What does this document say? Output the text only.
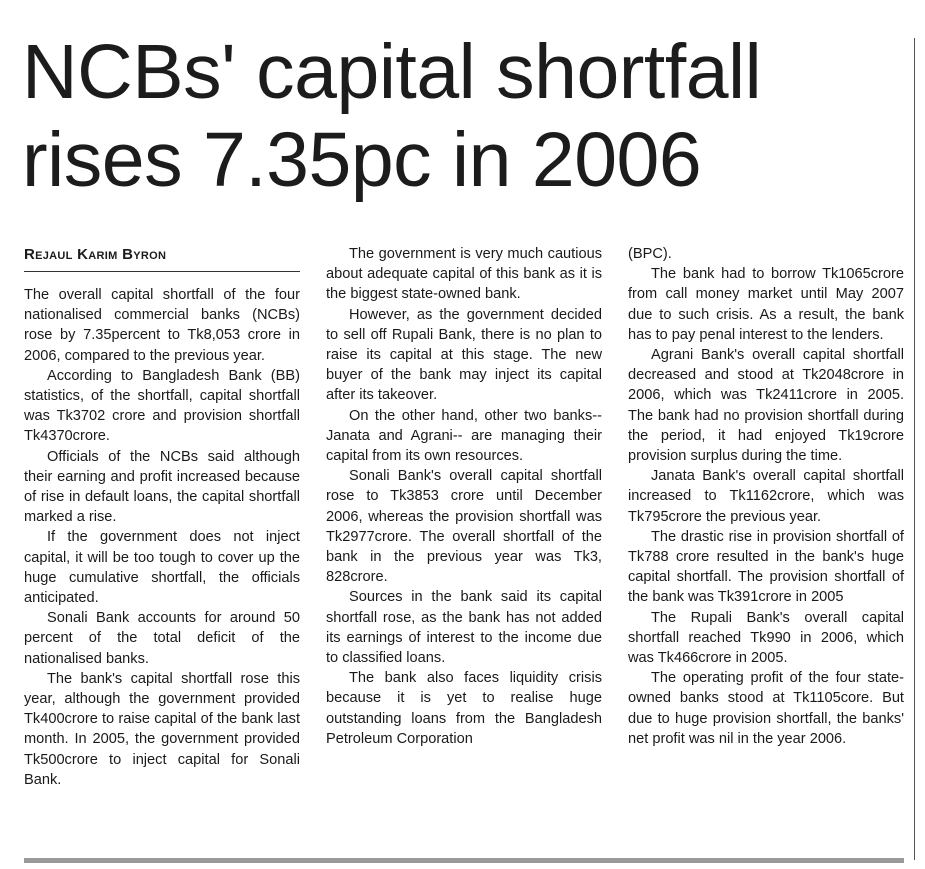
NCBs' capital shortfall
rises 7.35pc in 2006
Rejaul Karim Byron

The overall capital shortfall of the four nationalised commercial banks (NCBs) rose by 7.35percent to Tk8,053 crore in 2006, compared to the previous year.

According to Bangladesh Bank (BB) statistics, of the shortfall, capital shortfall was Tk3702 crore and provision shortfall Tk4370crore.

Officials of the NCBs said although their earning and profit increased because of rise in default loans, the capital shortfall marked a rise.

If the government does not inject capital, it will be too tough to cover up the huge cumulative shortfall, the officials anticipated.

Sonali Bank accounts for around 50 percent of the total deficit of the nationalised banks.

The bank's capital shortfall rose this year, although the government provided Tk400crore to raise capital of the bank last month. In 2005, the government provided Tk500crore to inject capital for Sonali Bank.

The government is very much cautious about adequate capital of this bank as it is the biggest state-owned bank.

However, as the government decided to sell off Rupali Bank, there is no plan to raise its capital at this stage. The new buyer of the bank may inject its capital after its takeover.

On the other hand, other two banks--Janata and Agrani-- are managing their capital from its own resources.

Sonali Bank's overall capital shortfall rose to Tk3853 crore until December 2006, whereas the provision shortfall was Tk2977crore. The overall shortfall of the bank in the previous year was Tk3, 828crore.

Sources in the bank said its capital shortfall rose, as the bank has not added its earnings of interest to the income due to classified loans.

The bank also faces liquidity crisis because it is yet to realise huge outstanding loans from the Bangladesh Petroleum Corporation

(BPC).

The bank had to borrow Tk1065crore from call money market until May 2007 due to such crisis. As a result, the bank has to pay penal interest to the lenders.

Agrani Bank's overall capital shortfall decreased and stood at Tk2048crore in 2006, which was Tk2411crore in 2005. The bank had no provision shortfall during the period, it had enjoyed Tk19crore provision surplus during the time.

Janata Bank's overall capital shortfall increased to Tk1162crore, which was Tk795crore the previous year.

The drastic rise in provision shortfall of Tk788 crore resulted in the bank's huge capital shortfall. The provision shortfall of the bank was Tk391crore in 2005

The Rupali Bank's overall capital shortfall reached Tk990 in 2006, which was Tk466crore in 2005.

The operating profit of the four state-owned banks stood at Tk1105core. But due to huge provision shortfall, the banks' net profit was nil in the year 2006.
